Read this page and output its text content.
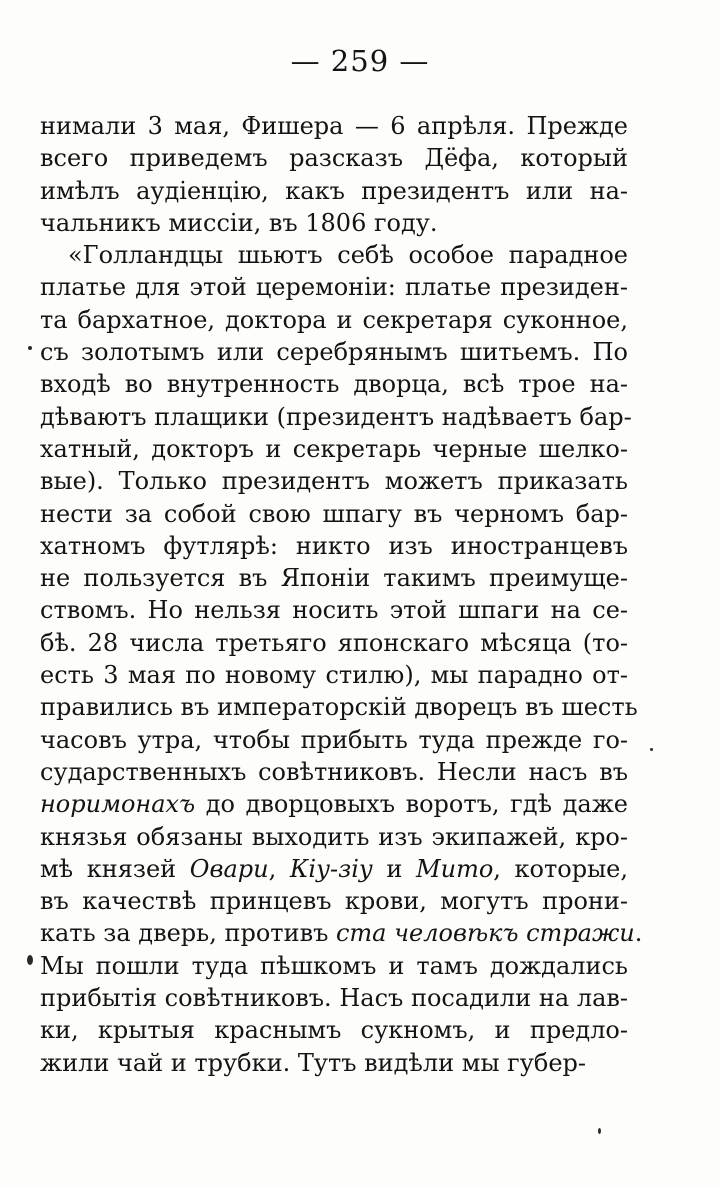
— 259 —
нимали 3 мая, Фишера — 6 апрѣля. Прежде
всего приведемъ разсказъ Дёфа, который
имѣлъ аудіенцію, какъ президентъ или на-
чальникъ миссіи, въ 1806 году.
«Голландцы шьютъ себѣ особое парадное
платье для этой церемоніи: платье президен-
та бархатное, доктора и секретаря суконное,
съ золотымъ или серебрянымъ шитьемъ. По
входѣ во внутренность дворца, всѣ трое на-
дѣваютъ плащики (президентъ надѣваетъ бар-
хатный, докторъ и секретарь черные шелко-
вые). Только президентъ можетъ приказать
нести за собой свою шпагу въ черномъ бар-
хатномъ футлярѣ: никто изъ иностранцевъ
не пользуется въ Японіи такимъ преимуще-
ствомъ. Но нельзя носить этой шпаги на се-
бѣ. 28 числа третьяго японскаго мѣсяца (то-
есть 3 мая по новому стилю), мы парадно от-
правились въ императорскій дворецъ въ шесть
часовъ утра, чтобы прибыть туда прежде го-
сударственныхъ совѣтниковъ. Несли насъ въ
норимонахъ до дворцовыхъ воротъ, гдѣ даже
князья обязаны выходить изъ экипажей, кро-
мѣ князей Овари, Кіу-зіу и Мито, которые,
въ качествѣ принцевъ крови, могутъ прони-
кать за дверь, противъ ста человѣкъ стражи.
Мы пошли туда пѣшкомъ и тамъ дождались
прибытія совѣтниковъ. Насъ посадили на лав-
ки, крытыя краснымъ сукномъ, и предло-
жили чай и трубки. Тутъ видѣли мы губер-
